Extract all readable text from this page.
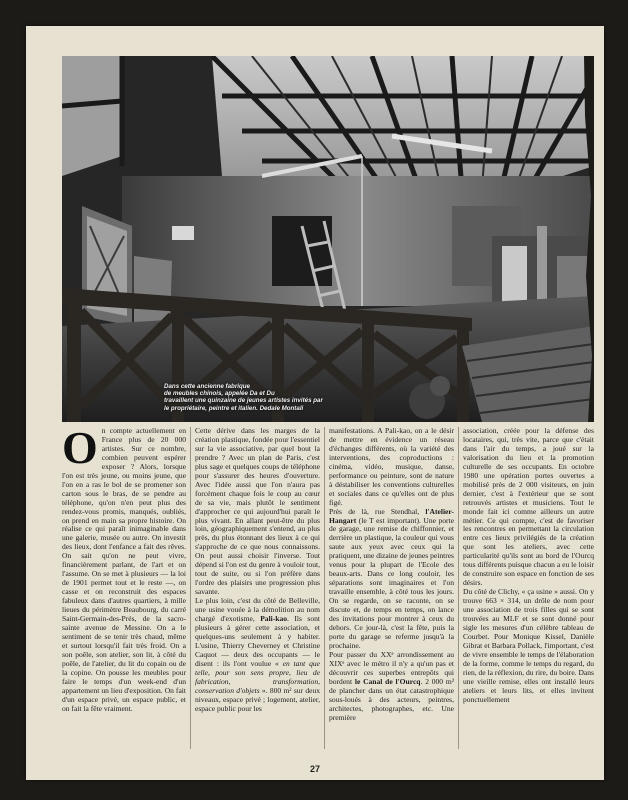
Dans cette ancienne fabrique
de meubles chinois, appelée Da et Du
travaillent une quinzaine de jeunes artistes invités par
le propriétaire, peintre et italien. Dedale Montali

On compte actuellement en France plus de 20 000 artistes. Sur ce nombre, combien peuvent espérer exposer ? Alors, lorsque l'on est très jeune, ou moins jeune, que l'on en a ras le bol de se promener son carton sous le bras, de se pendre au téléphone, qu'on n'en peut plus des rendez-vous promis, manqués, oubliés, on prend en main sa propre histoire. On réalise ce qui paraît inimaginable dans une galerie, musée ou autre. On investit des lieux, dont l'enfance a fait des rêves. On sait qu'on ne peut vivre, financièrement parlant, de l'art et on l'assume. On se met à plusieurs — la loi de 1901 permet tout et le reste —, on casse et on reconstruit des espaces fabuleux dans d'autres quartiers, à mille lieues du périmètre Beaubourg, du carré Saint-Germain-des-Prés, de la sacro-sainte avenue de Messine. On a le sentiment de se tenir très chaud, même et surtout lorsqu'il fait très froid. On a son poêle, son atelier, son lit, à côté du poêle, de l'atelier, du lit du copain ou de la copine. On pousse les meubles pour faire le temps d'un week-end d'un appartement un lieu d'exposition. On fait d'un espace privé, un espace public, et on fait la fête vraiment.

Cette dérive dans les marges de la création plastique, fondée pour l'essentiel sur la vie associative, par quel bout la prendre ? Avec un plan de Paris, c'est plus sage et quelques coups de téléphone pour s'assurer des heures d'ouverture. Avec l'idée aussi que l'on n'aura pas forcément chaque fois le coup au cœur de sa vie, mais plutôt le sentiment d'approcher ce qui aujourd'hui paraît le plus vivant. En allant peut-être du plus loin, géographiquement s'entend, au plus près, du plus étonnant des lieux à ce qui s'approche de ce que nous connaissons. On peut aussi choisir l'inverse. Tout dépend si l'on est du genre à vouloir tout, tout de suite, ou si l'on préfère dans l'ordre des plaisirs une progression plus savante.

Le plus loin, c'est du côté de Belleville, une usine vouée à la démolition au nom chargé d'exotisme, Pali-kao. Ils sont plusieurs à gérer cette association, et quelques-uns seulement à y habiter. L'usine, Thierry Cheverney et Christine Caquot — deux des occupants — le disent : ils l'ont voulue « en tant que telle, pour son sens propre, lieu de fabrication, transformation, conservation d'objets ». 800 m² sur deux niveaux, espace privé ; logement, atelier, espace public pour les

manifestations. A Pali-kao, on a le désir de mettre en évidence un réseau d'échanges différents, où la variété des interventions, des coproductions : cinéma, vidéo, musique, danse, performance ou peinture, sont de nature à déstabiliser les conventions culturelles et sociales dans ce qu'elles ont de plus figé.

Près de là, rue Stendhal, l'Atelier-Hangart (le T est important). Une porte de garage, une remise de chiffonnier, et derrière un plastique, la couleur qui vous saute aux yeux avec ceux qui la pratiquent, une dizaine de jeunes peintres venus pour la plupart de l'Ecole des beaux-arts. Dans ce long couloir, les séparations sont imaginaires et l'on travaille ensemble, à côté tous les jours. On se regarde, on se raconte, on se discute et, de temps en temps, on lance des invitations pour montrer à ceux du dehors. Ce jour-là, c'est la fête, puis la porte du garage se referme jusqu'à la prochaine.

Pour passer du XXᵉ arrondissement au XIXᵉ avec le métro il n'y a qu'un pas et découvrir ces superbes entrepôts qui bordent le Canal de l'Ourcq. 2 000 m² de plancher dans un état catastrophique sous-loués à des acteurs, peintres, architectes, photographes, etc. Une première

association, créée pour la défense des locataires, qui, très vite, parce que c'était dans l'air du temps, a joué sur la valorisation du lieu et la promotion culturelle de ses occupants. En octobre 1980 une opération portes ouvertes a mobilisé près de 2 000 visiteurs, en juin dernier, c'est à l'extérieur que se sont retrouvés artistes et musiciens. Tout le monde fait ici comme ailleurs un autre métier. Ce qui compte, c'est de favoriser les rencontres en permettant la circulation entre ces lieux privilégiés de la création que sont les ateliers, avec cette particularité qu'ils sont au bord de l'Ourcq tous différents puisque chacun a eu le loisir de construire son espace en fonction de ses désirs.

Du côté de Clichy, « ça usine » aussi. On y trouve 663 × 314, un drôle de nom pour une association de trois filles qui se sont trouvées au MLF et se sont donné pour sigle les mesures d'un célèbre tableau de Courbet. Pour Monique Kissel, Danièle Gibrat et Barbara Pollack, l'important, c'est de vivre ensemble le temps de l'élaboration de la forme, comme le temps du regard, du rien, de la réflexion, du rire, du boire. Dans une vieille remise, elles ont installé leurs ateliers et leurs lits, et elles invitent ponctuellement

27
